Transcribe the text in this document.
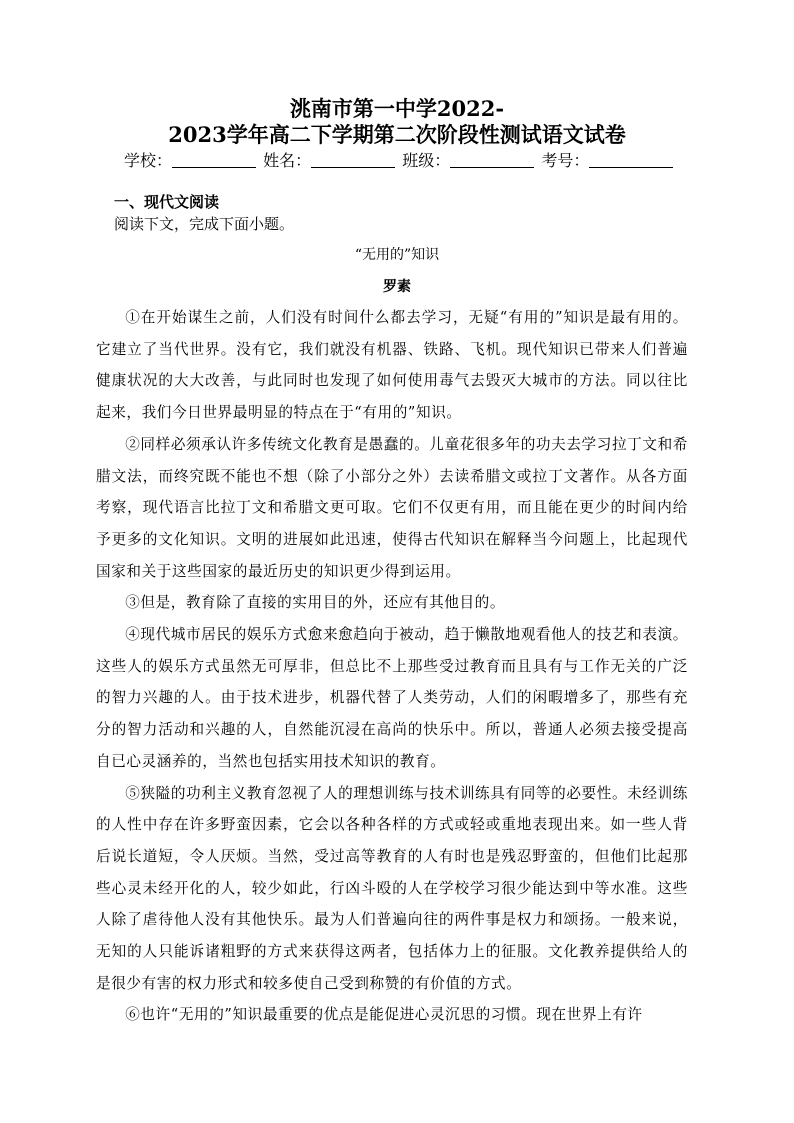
洮南市第一中学2022-
2023学年高二下学期第二次阶段性测试语文试卷
学校：	姓名：	班级：	考号：
一、现代文阅读
阅读下文，完成下面小题。
“无用的”知识
罗素

①在开始谋生之前，人们没有时间什么都去学习，无疑“有用的”知识是最有用的。它建立了当代世界。没有它，我们就没有机器、铁路、飞机。现代知识已带来人们普遍健康状况的大大改善，与此同时也发现了如何使用毒气去毁灭大城市的方法。同以往比起来，我们今日世界最明显的特点在于“有用的”知识。

②同样必须承认许多传统文化教育是愚蠢的。儿童花很多年的功夫去学习拉丁文和希腊文法，而终究既不能也不想（除了小部分之外）去读希腊文或拉丁文著作。从各方面考察，现代语言比拉丁文和希腊文更可取。它们不仅更有用，而且能在更少的时间内给予更多的文化知识。文明的进展如此迅速，使得古代知识在解释当今问题上，比起现代国家和关于这些国家的最近历史的知识更少得到运用。

③但是，教育除了直接的实用目的外，还应有其他目的。

④现代城市居民的娱乐方式愈来愈趋向于被动，趋于懒散地观看他人的技艺和表演。这些人的娱乐方式虽然无可厚非，但总比不上那些受过教育而且具有与工作无关的广泛的智力兴趣的人。由于技术进步，机器代替了人类劳动，人们的闲暇增多了，那些有充分的智力活动和兴趣的人，自然能沉浸在高尚的快乐中。所以，普通人必须去接受提高自已心灵涵养的，当然也包括实用技术知识的教育。

⑤狭隘的功利主义教育忽视了人的理想训练与技术训练具有同等的必要性。未经训练的人性中存在许多野蛮因素，它会以各种各样的方式或轻或重地表现出来。如一些人背后说长道短，令人厌烦。当然，受过高等教育的人有时也是残忍野蛮的，但他们比起那些心灵未经开化的人，较少如此，行凶斗殴的人在学校学习很少能达到中等水准。这些人除了虐待他人没有其他快乐。最为人们普遍向往的两件事是权力和颂扬。一般来说，无知的人只能诉诸粗野的方式来获得这两者，包括体力上的征服。文化教养提供给人的是很少有害的权力形式和较多使自己受到称赞的有价值的方式。

⑥也许“无用的”知识最重要的优点是能促进心灵沉思的习惯。现在世界上有许
